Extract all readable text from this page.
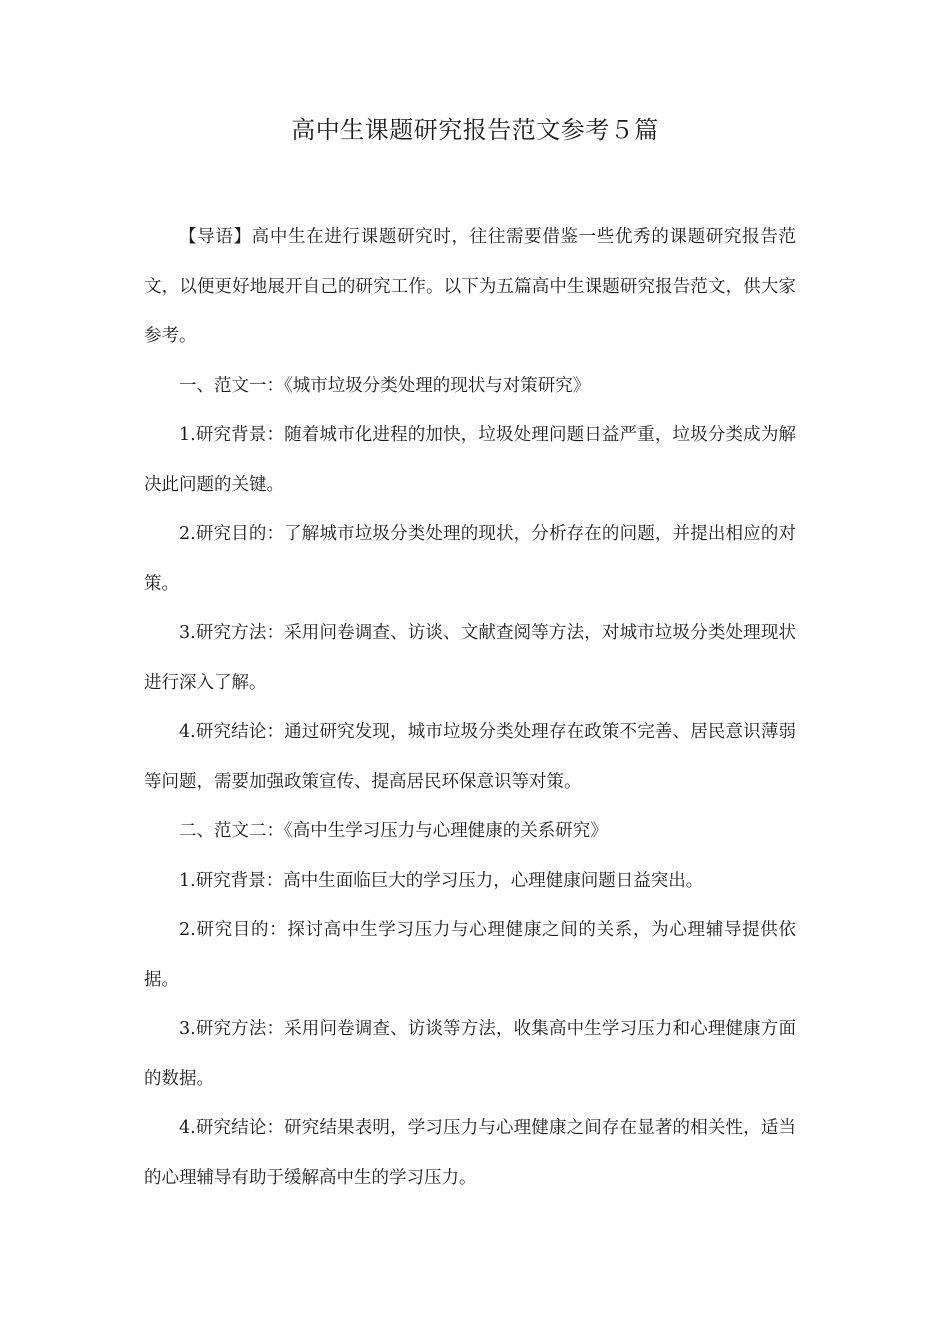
高中生课题研究报告范文参考５篇

【导语】高中生在进行课题研究时，往往需要借鉴一些优秀的课题研究报告范文，以便更好地展开自己的研究工作。以下为五篇高中生课题研究报告范文，供大家参考。

一、范文一：《城市垃圾分类处理的现状与对策研究》

1.研究背景：随着城市化进程的加快，垃圾处理问题日益严重，垃圾分类成为解决此问题的关键。

2.研究目的：了解城市垃圾分类处理的现状，分析存在的问题，并提出相应的对策。

3.研究方法：采用问卷调查、访谈、文献查阅等方法，对城市垃圾分类处理现状进行深入了解。

4.研究结论：通过研究发现，城市垃圾分类处理存在政策不完善、居民意识薄弱等问题，需要加强政策宣传、提高居民环保意识等对策。

二、范文二：《高中生学习压力与心理健康的关系研究》

1.研究背景：高中生面临巨大的学习压力，心理健康问题日益突出。

2.研究目的：探讨高中生学习压力与心理健康之间的关系，为心理辅导提供依据。

3.研究方法：采用问卷调查、访谈等方法，收集高中生学习压力和心理健康方面的数据。

4.研究结论：研究结果表明，学习压力与心理健康之间存在显著的相关性，适当的心理辅导有助于缓解高中生的学习压力。
